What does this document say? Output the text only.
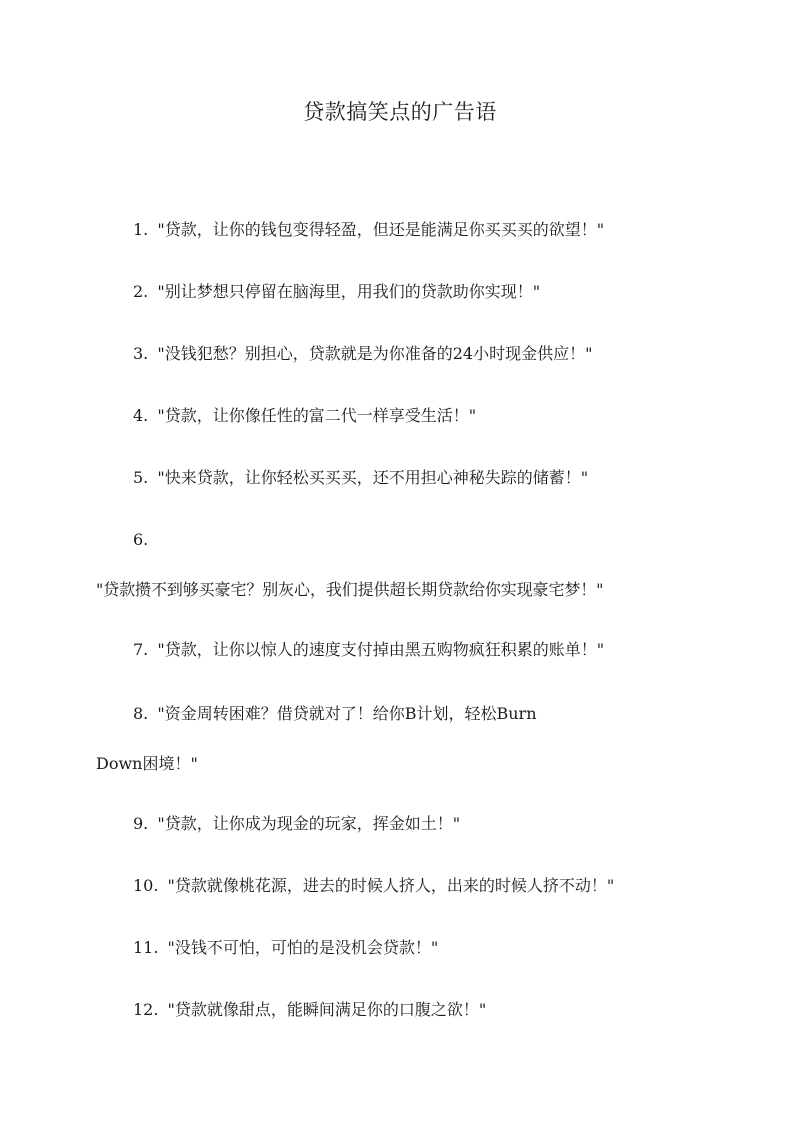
贷款搞笑点的广告语
1. "贷款，让你的钱包变得轻盈，但还是能满足你买买买的欲望！"
2. "别让梦想只停留在脑海里，用我们的贷款助你实现！"
3. "没钱犯愁？别担心，贷款就是为你准备的24小时现金供应！"
4. "贷款，让你像任性的富二代一样享受生活！"
5. "快来贷款，让你轻松买买买，还不用担心神秘失踪的储蓄！"
6.
"贷款攒不到够买豪宅？别灰心，我们提供超长期贷款给你实现豪宅梦！"
7. "贷款，让你以惊人的速度支付掉由黑五购物疯狂积累的账单！"
8. "资金周转困难？借贷就对了！给你B计划，轻松Burn
Down困境！"
9. "贷款，让你成为现金的玩家，挥金如土！"
10. "贷款就像桃花源，进去的时候人挤人，出来的时候人挤不动！"
11. "没钱不可怕，可怕的是没机会贷款！"
12. "贷款就像甜点，能瞬间满足你的口腹之欲！"
